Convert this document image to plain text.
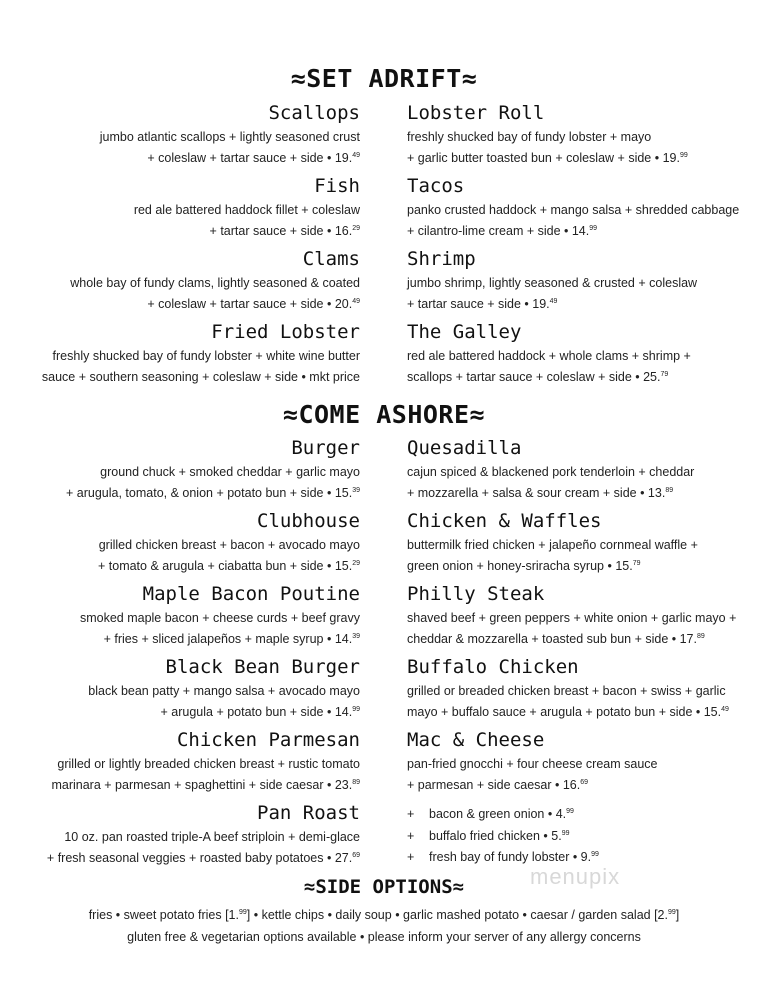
≈SET ADRIFT≈
Scallops
jumbo atlantic scallops + lightly seasoned crust
+ coleslaw + tartar sauce + side • 19.49
Lobster Roll
freshly shucked bay of fundy lobster + mayo
+ garlic butter toasted bun + coleslaw + side • 19.99
Fish
red ale battered haddock fillet + coleslaw
+ tartar sauce + side • 16.29
Tacos
panko crusted haddock + mango salsa + shredded cabbage
+ cilantro-lime cream + side • 14.99
Clams
whole bay of fundy clams, lightly seasoned & coated
+ coleslaw + tartar sauce + side • 20.49
Shrimp
jumbo shrimp, lightly seasoned & crusted + coleslaw
+ tartar sauce + side • 19.49
Fried Lobster
freshly shucked bay of fundy lobster + white wine butter
sauce + southern seasoning + coleslaw + side • mkt price
The Galley
red ale battered haddock + whole clams + shrimp +
scallops + tartar sauce + coleslaw + side • 25.79
≈COME ASHORE≈
Burger
ground chuck + smoked cheddar + garlic mayo
+ arugula, tomato, & onion + potato bun + side • 15.39
Quesadilla
cajun spiced & blackened pork tenderloin + cheddar
+ mozzarella + salsa & sour cream + side • 13.89
Clubhouse
grilled chicken breast + bacon + avocado mayo
+ tomato & arugula + ciabatta bun + side • 15.29
Chicken & Waffles
buttermilk fried chicken + jalapeño cornmeal waffle +
green onion + honey-sriracha syrup • 15.79
Maple Bacon Poutine
smoked maple bacon + cheese curds + beef gravy
+ fries + sliced jalapeños + maple syrup • 14.39
Philly Steak
shaved beef + green peppers + white onion + garlic mayo +
cheddar & mozzarella + toasted sub bun + side • 17.89
Black Bean Burger
black bean patty + mango salsa + avocado mayo
+ arugula + potato bun + side • 14.99
Buffalo Chicken
grilled or breaded chicken breast + bacon + swiss + garlic
mayo + buffalo sauce + arugula + potato bun + side • 15.49
Chicken Parmesan
grilled or lightly breaded chicken breast + rustic tomato
marinara + parmesan + spaghettini + side caesar • 23.89
Mac & Cheese
pan-fried gnocchi + four cheese cream sauce
+ parmesan + side caesar • 16.69
Pan Roast
10 oz. pan roasted triple-A beef striploin + demi-glace
+ fresh seasonal veggies + roasted baby potatoes • 27.69
+ bacon & green onion • 4.99
+ buffalo fried chicken • 5.99
+ fresh bay of fundy lobster • 9.99
menupix
≈SIDE OPTIONS≈
fries • sweet potato fries [1.99] • kettle chips • daily soup • garlic mashed potato • caesar / garden salad [2.99]
gluten free & vegetarian options available • please inform your server of any allergy concerns
